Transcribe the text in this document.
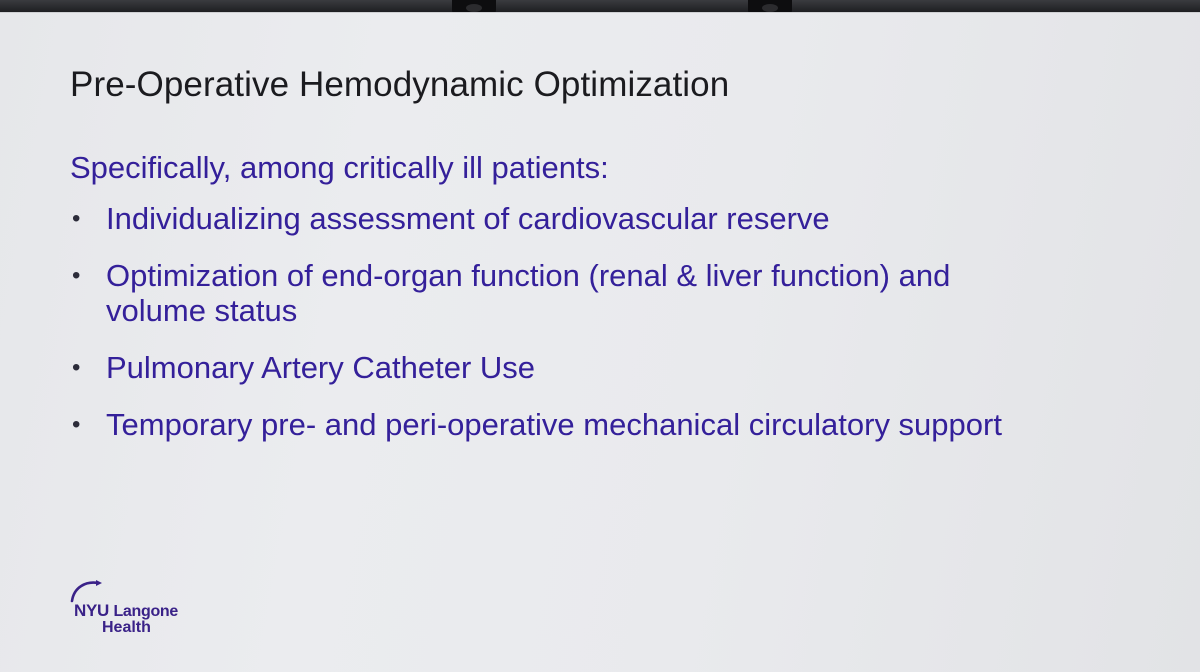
Pre-Operative Hemodynamic Optimization

Specifically, among critically ill patients:

• Individualizing assessment of cardiovascular reserve
• Optimization of end-organ function (renal & liver function) and volume status
• Pulmonary Artery Catheter Use
• Temporary pre- and peri-operative mechanical circulatory support
NYU Langone
Health
